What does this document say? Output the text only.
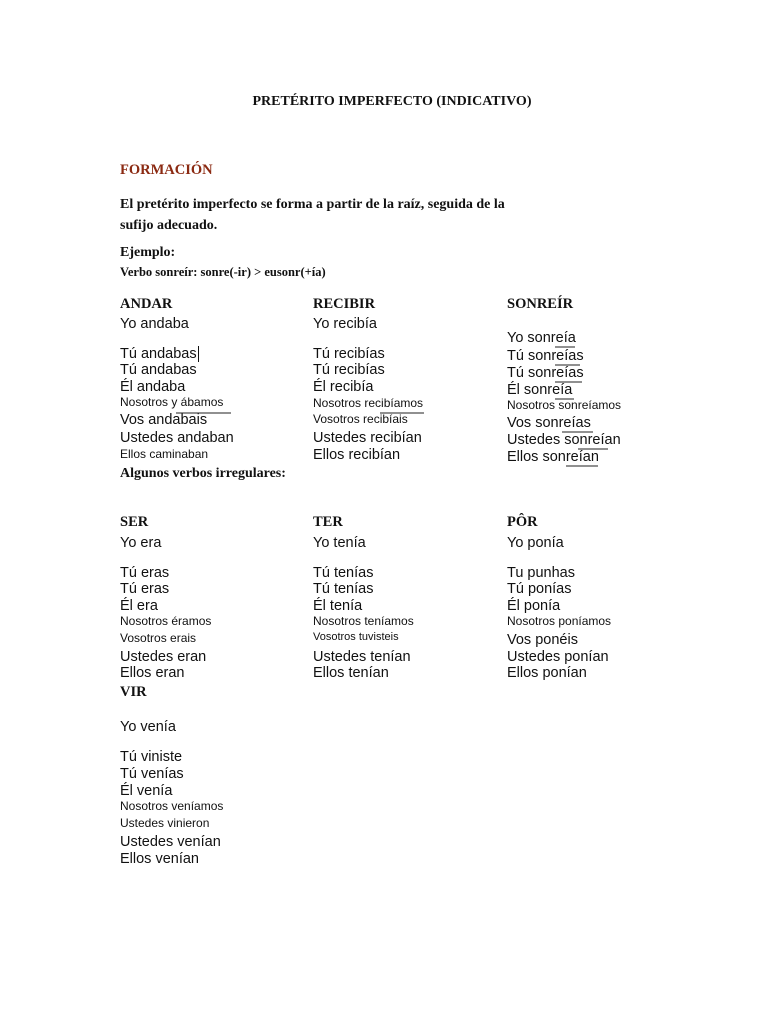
PRETÉRITO IMPERFECTO (INDICATIVO)
FORMACIÓN
El pretérito imperfecto se forma a partir de la raíz, seguida de la sufijo adecuado.
Ejemplo:
Verbo sonreír: sonre(-ir) > eusonr(+ía)
ANDAR
Yo andaba
Tú andabas
Tú andabas
Él andaba
Nosotros y ábamos
Vos andabais
Ustedes andaban
Ellos caminaban
RECIBIR
Yo recibía
Tú recibías
Tú recibías
Él recibía
Nosotros recibíamos
Vosotros recibíais
Ustedes recibían
Ellos recibían
SONREÍR
Yo sonreía
Tú sonreías
Tú sonreías
Él sonreía
Nosotros sonreíamos
Vos sonreías
Ustedes sonreían
Ellos sonreían
Algunos verbos irregulares:
SER
Yo era
Tú eras
Tú eras
Él era
Nosotros éramos
Vosotros erais
Ustedes eran
Ellos eran
TER
Yo tenía
Tú tenías
Tú tenías
Él tenía
Nosotros teníamos
Vosotros tuvisteis
Ustedes tenían
Ellos tenían
PÔR
Yo ponía
Tu punhas
Tú ponías
Él ponía
Nosotros poníamos
Vos ponéis
Ustedes ponían
Ellos ponían
VIR
Yo venía
Tú viniste
Tú venías
Él venía
Nosotros veníamos
Ustedes vinieron
Ustedes venían
Ellos venían
